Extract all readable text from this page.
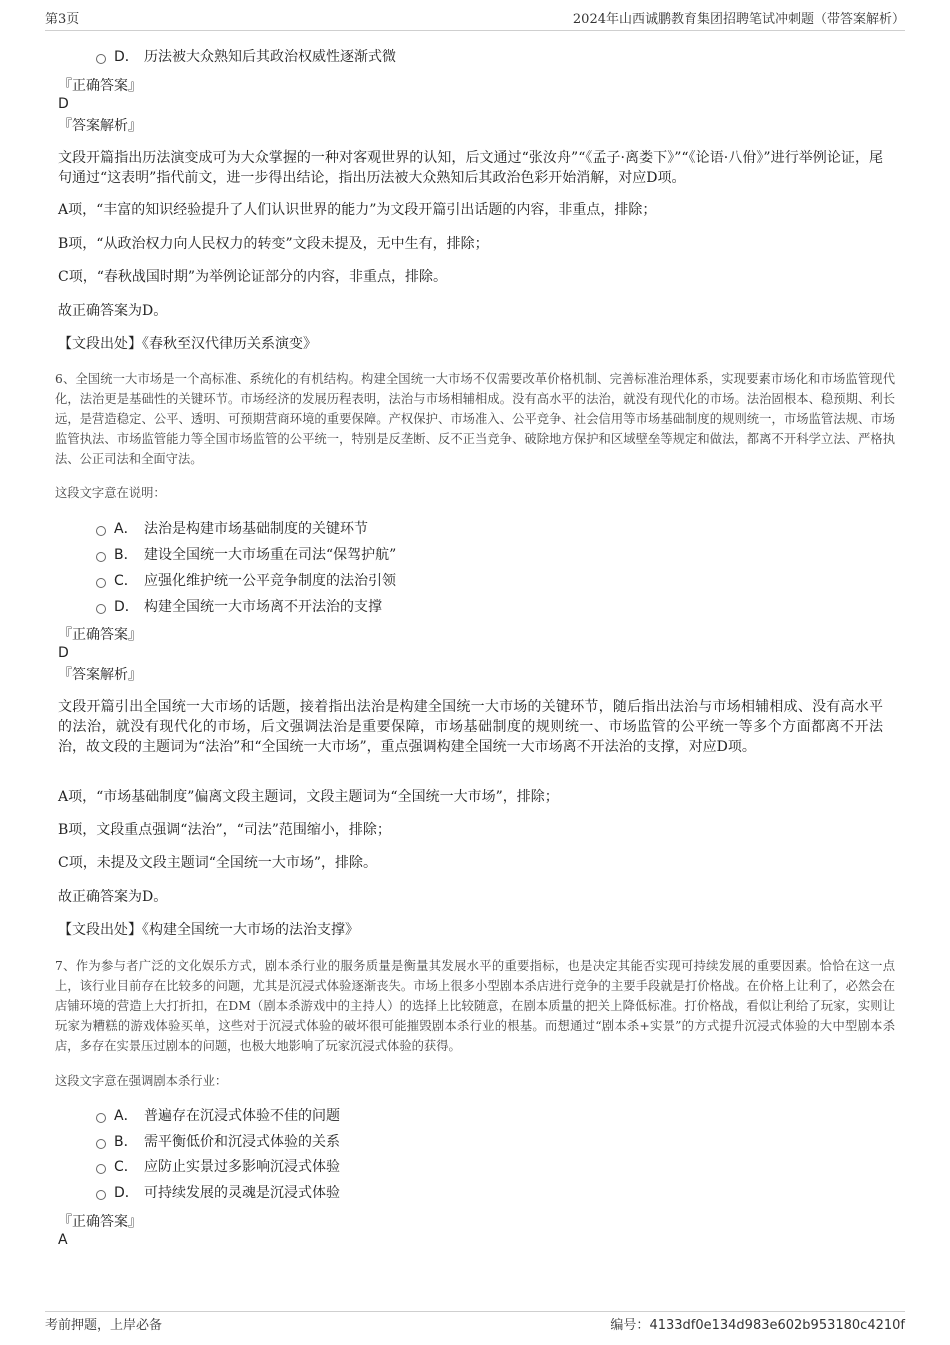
第3页	2024年山西诚鹏教育集团招聘笔试冲刺题（带答案解析）
D． 历法被大众熟知后其政治权威性逐渐式微
『正确答案』
D
『答案解析』
文段开篇指出历法演变成可为大众掌握的一种对客观世界的认知，后文通过“张汝舟”“《孟子·离娄下》”“《论语·八佾》”进行举例论证，尾句通过“这表明”指代前文，进一步得出结论，指出历法被大众熟知后其政治色彩开始消解，对应D项。
A项，“丰富的知识经验提升了人们认识世界的能力”为文段开篇引出话题的内容，非重点，排除；
B项，“从政治权力向人民权力的转变”文段未提及，无中生有，排除；
C项，“春秋战国时期”为举例论证部分的内容，非重点，排除。
故正确答案为D。
【文段出处】《春秋至汉代律历关系演变》
6、全国统一大市场是一个高标准、系统化的有机结构。构建全国统一大市场不仅需要改革价格机制、完善标准治理体系，实现要素市场化和市场监管现代化，法治更是基础性的关键环节。市场经济的发展历程表明，法治与市场相辅相成。没有高水平的法治，就没有现代化的市场。法治固根本、稳预期、利长远，是营造稳定、公平、透明、可预期营商环境的重要保障。产权保护、市场准入、公平竞争、社会信用等市场基础制度的规则统一，市场监管法规、市场监管执法、市场监管能力等全国市场监管的公平统一，特别是反垄断、反不正当竞争、破除地方保护和区域壁垒等规定和做法，都离不开科学立法、严格执法、公正司法和全面守法。
这段文字意在说明：
A． 法治是构建市场基础制度的关键环节
B． 建设全国统一大市场重在司法“保驾护航”
C． 应强化维护统一公平竞争制度的法治引领
D． 构建全国统一大市场离不开法治的支撑
『正确答案』
D
『答案解析』
文段开篇引出全国统一大市场的话题，接着指出法治是构建全国统一大市场的关键环节，随后指出法治与市场相辅相成、没有高水平的法治，就没有现代化的市场，后文强调法治是重要保障，市场基础制度的规则统一、市场监管的公平统一等多个方面都离不开法治，故文段的主题词为“法治”和“全国统一大市场”，重点强调构建全国统一大市场离不开法治的支撑，对应D项。
A项，“市场基础制度”偏离文段主题词，文段主题词为“全国统一大市场”，排除；
B项，文段重点强调“法治”，“司法”范围缩小，排除；
C项，未提及文段主题词“全国统一大市场”，排除。
故正确答案为D。
【文段出处】《构建全国统一大市场的法治支撑》
7、作为参与者广泛的文化娱乐方式，剧本杀行业的服务质量是衡量其发展水平的重要指标，也是决定其能否实现可持续发展的重要因素。恰恰在这一点上，该行业目前存在比较多的问题，尤其是沉浸式体验逐渐丧失。市场上很多小型剧本杀店进行竞争的主要手段就是打价格战。在价格上让利了，必然会在店铺环境的营造上大打折扣，在DM（剧本杀游戏中的主持人）的选择上比较随意，在剧本质量的把关上降低标准。打价格战，看似让利给了玩家，实则让玩家为糟糕的游戏体验买单，这些对于沉浸式体验的破坏很可能摧毁剧本杀行业的根基。而想通过“剧本杀+实景”的方式提升沉浸式体验的大中型剧本杀店，多存在实景压过剧本的问题，也极大地影响了玩家沉浸式体验的获得。
这段文字意在强调剧本杀行业：
A． 普遍存在沉浸式体验不佳的问题
B． 需平衡低价和沉浸式体验的关系
C． 应防止实景过多影响沉浸式体验
D． 可持续发展的灵魂是沉浸式体验
『正确答案』
A
考前押题，上岸必备	编号：4133df0e134d983e602b953180c4210f
